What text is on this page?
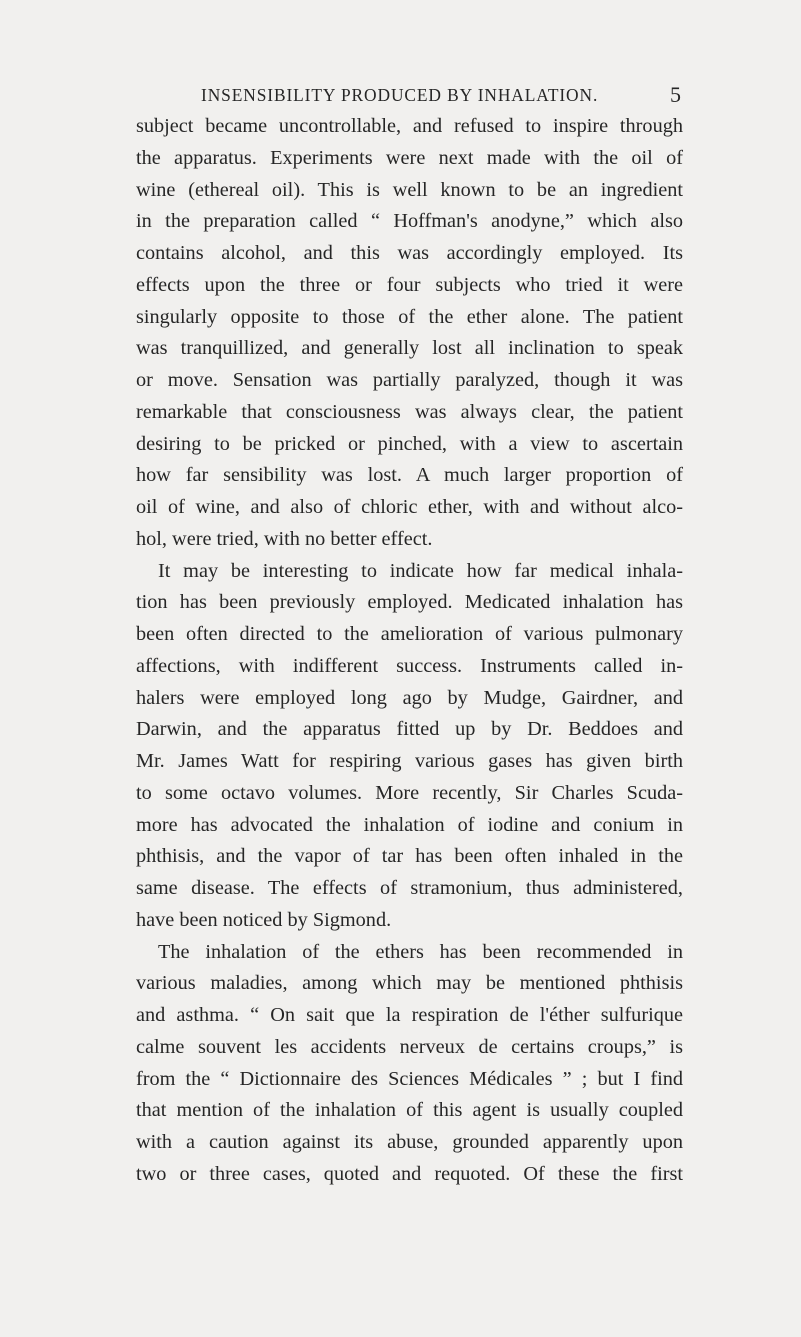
INSENSIBILITY PRODUCED BY INHALATION.	5
subject became uncontrollable, and refused to inspire through
the apparatus. Experiments were next made with the oil of
wine (ethereal oil). This is well known to be an ingredient
in the preparation called “ Hoffman's anodyne,” which also
contains alcohol, and this was accordingly employed. Its
effects upon the three or four subjects who tried it were
singularly opposite to those of the ether alone. The patient
was tranquillized, and generally lost all inclination to speak
or move. Sensation was partially paralyzed, though it was
remarkable that consciousness was always clear, the patient
desiring to be pricked or pinched, with a view to ascertain
how far sensibility was lost. A much larger proportion of
oil of wine, and also of chloric ether, with and without alco-
hol, were tried, with no better effect.
It may be interesting to indicate how far medical inhala-
tion has been previously employed. Medicated inhalation has
been often directed to the amelioration of various pulmonary
affections, with indifferent success. Instruments called in-
halers were employed long ago by Mudge, Gairdner, and
Darwin, and the apparatus fitted up by Dr. Beddoes and
Mr. James Watt for respiring various gases has given birth
to some octavo volumes. More recently, Sir Charles Scuda-
more has advocated the inhalation of iodine and conium in
phthisis, and the vapor of tar has been often inhaled in the
same disease. The effects of stramonium, thus administered,
have been noticed by Sigmond.
The inhalation of the ethers has been recommended in
various maladies, among which may be mentioned phthisis
and asthma. “ On sait que la respiration de l'éther sulfurique
calme souvent les accidents nerveux de certains croups,” is
from the “ Dictionnaire des Sciences Médicales ” ; but I find
that mention of the inhalation of this agent is usually coupled
with a caution against its abuse, grounded apparently upon
two or three cases, quoted and requoted. Of these the first
